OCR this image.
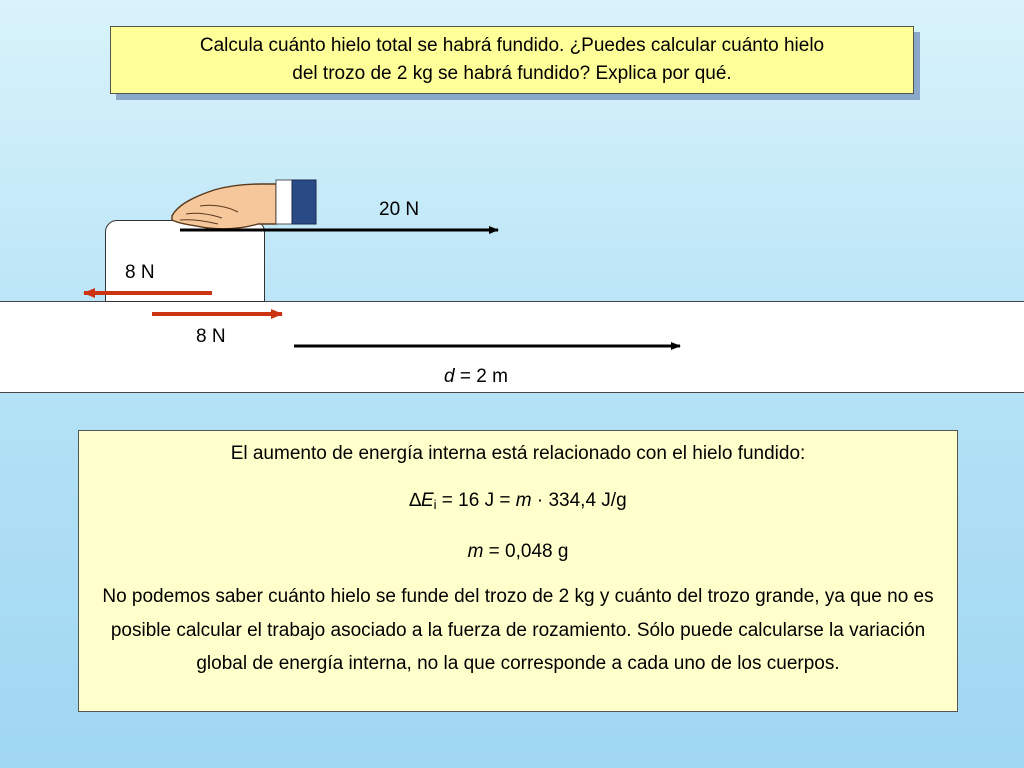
Calcula cuánto hielo total se habrá fundido. ¿Puedes calcular cuánto hielo
del trozo de 2 kg se habrá fundido? Explica por qué.
20 N
8 N
8 N
d = 2 m

El aumento de energía interna está relacionado con el hielo fundido:

$\Delta E_i = 16$ J = m · 334,4 J/g

m = 0,048 g

No podemos saber cuánto hielo se funde del trozo de 2 kg y cuánto del trozo grande, ya que no es posible calcular el trabajo asociado a la fuerza de rozamiento. Sólo puede calcularse la variación global de energía interna, no la que corresponde a cada uno de los cuerpos.
